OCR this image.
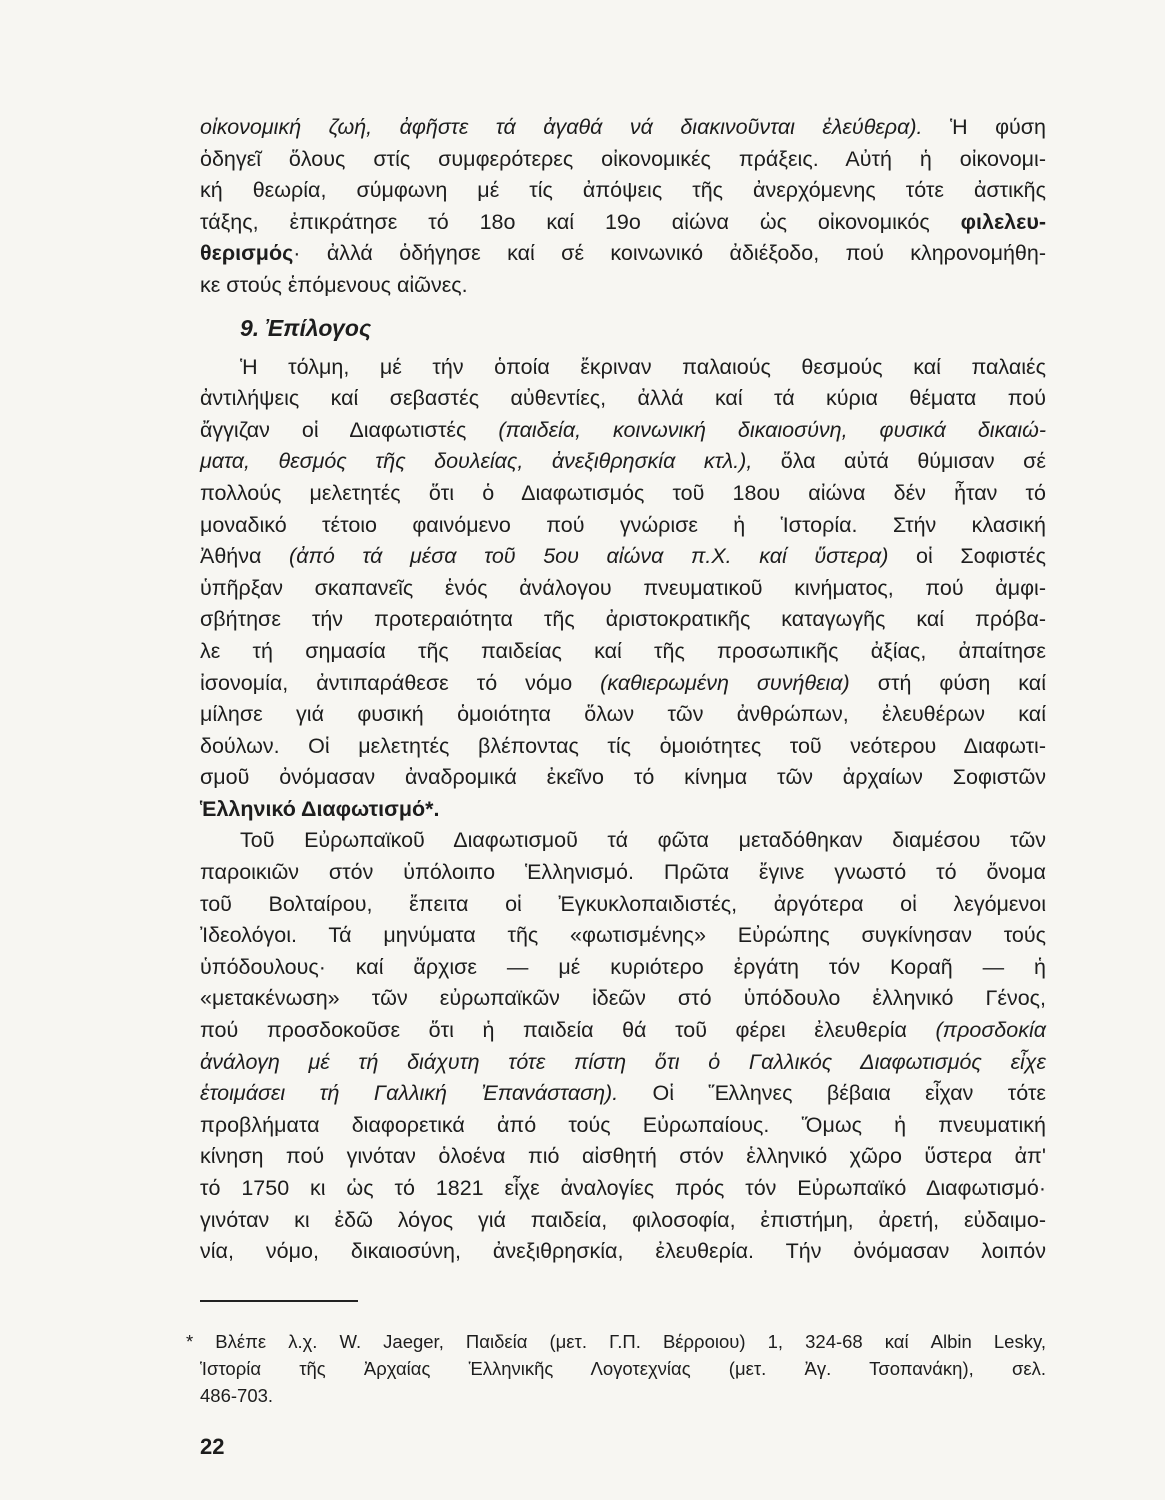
οἰκονομική ζωή, ἀφῆστε τά ἀγαθά νά διακινοῦνται ἐλεύθερα). Ἡ φύση

ὁδηγεῖ ὅλους στίς συμφερότερες οἰκονομικές πράξεις. Αὐτή ἡ οἰκονομι-

κή θεωρία, σύμφωνη μέ τίς ἀπόψεις τῆς ἀνερχόμενης τότε ἀστικῆς

τάξης, ἐπικράτησε τό 18ο καί 19ο αἰώνα ὡς οἰκονομικός φιλελευ-

θερισμός· ἀλλά ὁδήγησε καί σέ κοινωνικό ἀδιέξοδο, πού κληρονομήθη-

κε στούς ἑπόμενους αἰῶνες.

9. Ἐπίλογος

Ἡ τόλμη, μέ τήν ὁποία ἔκριναν παλαιούς θεσμούς καί παλαιές

ἀντιλήψεις καί σεβαστές αὐθεντίες, ἀλλά καί τά κύρια θέματα πού

ἄγγιζαν οἱ Διαφωτιστές (παιδεία, κοινωνική δικαιοσύνη, φυσικά δικαιώ-

ματα, θεσμός τῆς δουλείας, ἀνεξιθρησκία κτλ.), ὅλα αὐτά θύμισαν σέ

πολλούς μελετητές ὅτι ὁ Διαφωτισμός τοῦ 18ου αἰώνα δέν ἦταν τό

μοναδικό τέτοιο φαινόμενο πού γνώρισε ἡ Ἱστορία. Στήν κλασική

Ἀθήνα (ἀπό τά μέσα τοῦ 5ου αἰώνα π.Χ. καί ὕστερα) οἱ Σοφιστές

ὑπῆρξαν σκαπανεῖς ἑνός ἀνάλογου πνευματικοῦ κινήματος, πού ἀμφι-

σβήτησε τήν προτεραιότητα τῆς ἀριστοκρατικῆς καταγωγῆς καί πρόβα-

λε τή σημασία τῆς παιδείας καί τῆς προσωπικῆς ἀξίας, ἀπαίτησε

ἰσονομία, ἀντιπαράθεσε τό νόμο (καθιερωμένη συνήθεια) στή φύση καί

μίλησε γιά φυσική ὁμοιότητα ὅλων τῶν ἀνθρώπων, ἐλευθέρων καί

δούλων. Οἱ μελετητές βλέποντας τίς ὁμοιότητες τοῦ νεότερου Διαφωτι-

σμοῦ ὀνόμασαν ἀναδρομικά ἐκεῖνο τό κίνημα τῶν ἀρχαίων Σοφιστῶν

Ἑλληνικό Διαφωτισμό*.

Τοῦ Εὐρωπαϊκοῦ Διαφωτισμοῦ τά φῶτα μεταδόθηκαν διαμέσου τῶν

παροικιῶν στόν ὑπόλοιπο Ἑλληνισμό. Πρῶτα ἔγινε γνωστό τό ὄνομα

τοῦ Βολταίρου, ἔπειτα οἱ Ἐγκυκλοπαιδιστές, ἀργότερα οἱ λεγόμενοι

Ἰδεολόγοι. Τά μηνύματα τῆς «φωτισμένης» Εὐρώπης συγκίνησαν τούς

ὑπόδουλους· καί ἄρχισε — μέ κυριότερο ἐργάτη τόν Κοραῆ — ἡ

«μετακένωση» τῶν εὐρωπαϊκῶν ἰδεῶν στό ὑπόδουλο ἑλληνικό Γένος,

πού προσδοκοῦσε ὅτι ἡ παιδεία θά τοῦ φέρει ἐλευθερία (προσδοκία

ἀνάλογη μέ τή διάχυτη τότε πίστη ὅτι ὁ Γαλλικός Διαφωτισμός εἶχε

ἑτοιμάσει τή Γαλλική Ἐπανάσταση). Οἱ Ἕλληνες βέβαια εἶχαν τότε

προβλήματα διαφορετικά ἀπό τούς Εὐρωπαίους. Ὅμως ἡ πνευματική

κίνηση πού γινόταν ὁλοένα πιό αἰσθητή στόν ἑλληνικό χῶρο ὕστερα ἀπ'

τό 1750 κι ὡς τό 1821 εἶχε ἀναλογίες πρός τόν Εὐρωπαϊκό Διαφωτισμό·

γινόταν κι ἐδῶ λόγος γιά παιδεία, φιλοσοφία, ἐπιστήμη, ἀρετή, εὐδαιμο-

νία, νόμο, δικαιοσύνη, ἀνεξιθρησκία, ἐλευθερία. Τήν ὀνόμασαν λοιπόν

* Βλέπε λ.χ. W. Jaeger, Παιδεία (μετ. Γ.Π. Βέρροιου) 1, 324-68 καί Albin Lesky,

Ἱστορία τῆς Ἀρχαίας Ἑλληνικῆς Λογοτεχνίας (μετ. Ἀγ. Τσοπανάκη), σελ.

486-703.

22
